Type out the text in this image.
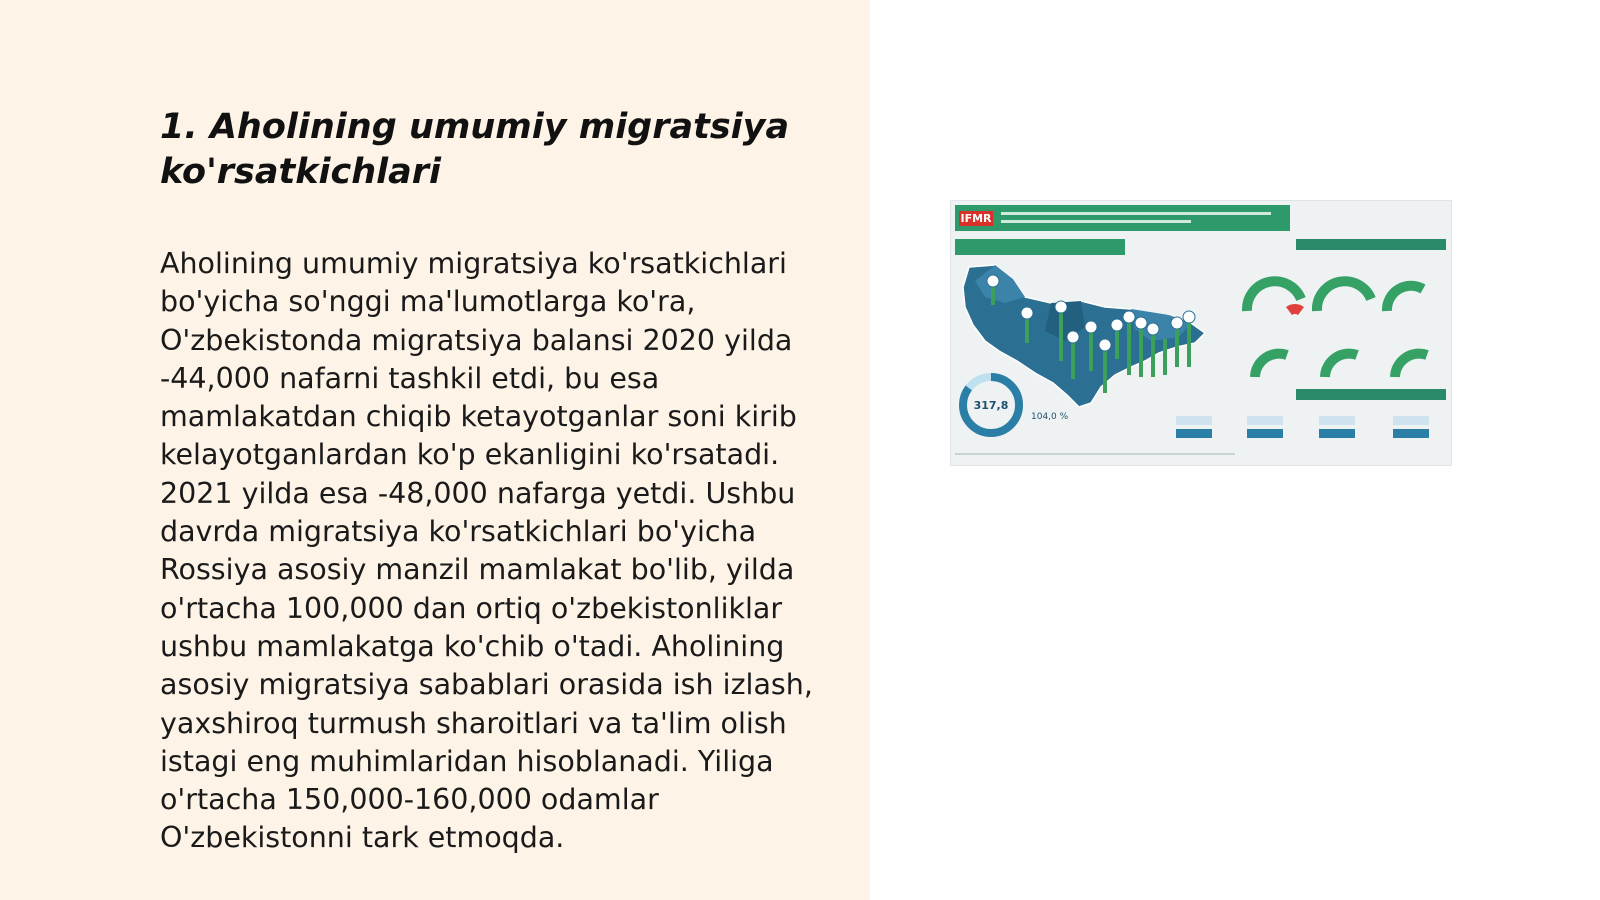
1. Aholining umumiy migratsiya ko'rsatkichlari

Aholining umumiy migratsiya ko'rsatkichlari
bo'yicha so'nggi ma'lumotlarga ko'ra,
O'zbekistonda migratsiya balansi 2020 yilda
-44,000 nafarni tashkil etdi, bu esa
mamlakatdan chiqib ketayotganlar soni kirib
kelayotganlardan ko'p ekanligini ko'rsatadi.
2021 yilda esa -48,000 nafarga yetdi. Ushbu
davrda migratsiya ko'rsatkichlari bo'yicha
Rossiya asosiy manzil mamlakat bo'lib, yilda
o'rtacha 100,000 dan ortiq o'zbekistonliklar
ushbu mamlakatga ko'chib o'tadi. Aholining
asosiy migratsiya sabablari orasida ish izlash,
yaxshiroq turmush sharoitlari va ta'lim olish
istagi eng muhimlaridan hisoblanadi. Yiliga
o'rtacha 150,000-160,000 odamlar
O'zbekistonni tark etmoqda.

IFMR
317,8
104,0 %
